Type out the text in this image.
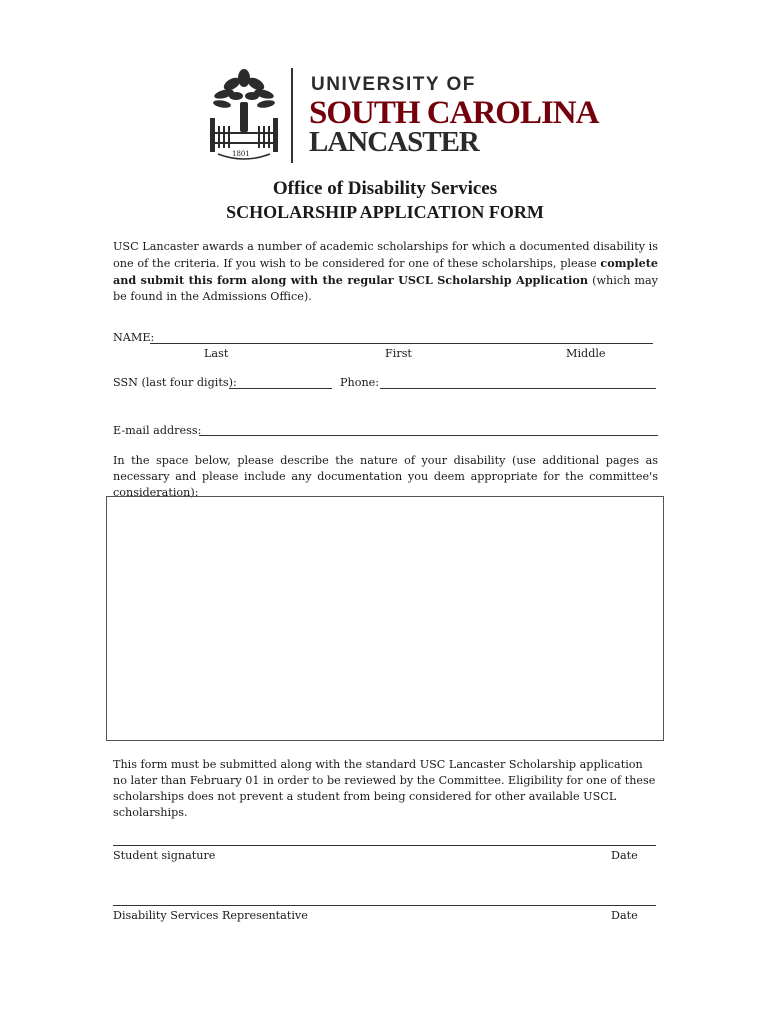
1801
UNIVERSITY OF
SOUTH CAROLINA
LANCASTER
Office of Disability Services
SCHOLARSHIP APPLICATION FORM
USC Lancaster awards a number of academic scholarships for which a documented disability is one of the criteria. If you wish to be considered for one of these scholarships, please complete and submit this form along with the regular USCL Scholarship Application (which may be found in the Admissions Office).
NAME:
Last	First	Middle
SSN (last four digits):	Phone:
E-mail address:
In the space below, please describe the nature of your disability (use additional pages as necessary and please include any documentation you deem appropriate for the committee's consideration):
This form must be submitted along with the standard USC Lancaster Scholarship application no later than February 01 in order to be reviewed by the Committee. Eligibility for one of these scholarships does not prevent a student from being considered for other available USCL scholarships.
Student signature	Date
Disability Services Representative	Date
